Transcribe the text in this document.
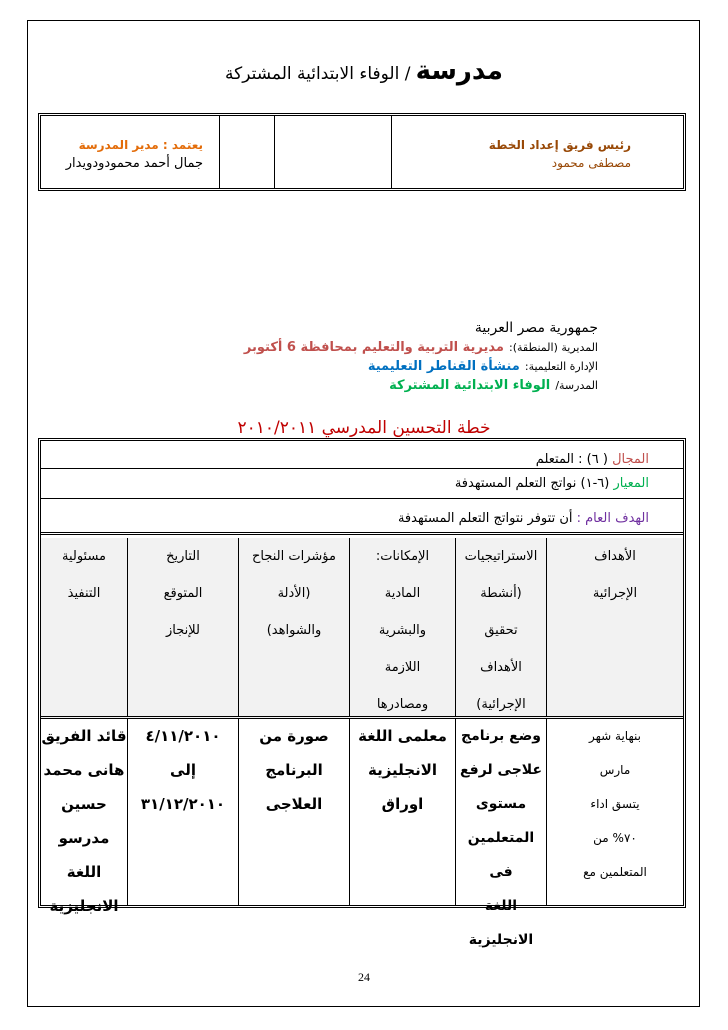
مدرسة / الوفاء الابتدائية المشتركة
رئيس فريق إعداد الخطة
مصطفى محمود
يعتمد : مدير المدرسة
جمال أحمد محمودودويدار
جمهورية مصر العربية
المديرية (المنطقة): مديرية التربية والتعليم بمحافظة 6 أكتوبر
الإدارة التعليمية: منشأة القناطر التعليمية
المدرسة/ الوفاء الابتدائية المشتركة
خطة التحسين المدرسي ٢٠١٠/٢٠١١
المجال ( ٦) : المتعلم
المعيار (٦-١) نواتج التعلم المستهدفة
الهدف العام : أن تتوفر نتواتج التعلم المستهدفة
الأهداف
الإجرائية
الاستراتيجيات
(أنشطة
تحقيق
الأهداف
الإجرائية)
الإمكانات:
المادية
والبشرية
اللازمة
ومصادرها
مؤشرات النجاح
(الأدلة
والشواهد)
التاريخ
المتوقع
للإنجاز
مسئولية
التنفيذ
بنهاية شهر
مارس
يتسق اداء
٧٠% من
المتعلمين مع
وضع برنامج
علاجى لرفع
مستوى
المتعلمين فى
اللغة الانجليزية
معلمى اللغة
الانجليزية
اوراق
صورة من
البرنامج
العلاجى
٤/١١/٢٠١٠
إلى
٣١/١٢/٢٠١٠
قائد الفريق
هانى محمد
حسين
مدرسو اللغة
الانجليزية
24
